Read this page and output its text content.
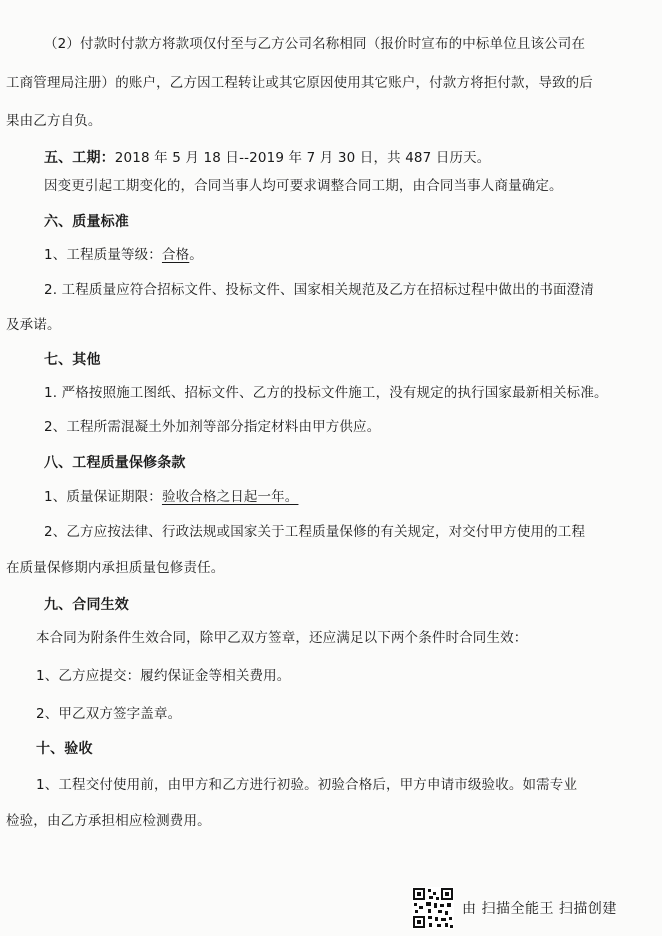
（2）付款时付款方将款项仅付至与乙方公司名称相同（报价时宣布的中标单位且该公司在
工商管理局注册）的账户，乙方因工程转让或其它原因使用其它账户，付款方将拒付款，导致的后
果由乙方自负。
五、工期：2018 年 5 月 18 日--2019 年 7 月 30 日，共 487 日历天。
因变更引起工期变化的，合同当事人均可要求调整合同工期，由合同当事人商量确定。
六、质量标准
1、工程质量等级：合格。
2. 工程质量应符合招标文件、投标文件、国家相关规范及乙方在招标过程中做出的书面澄清
及承诺。
七、其他
1. 严格按照施工图纸、招标文件、乙方的投标文件施工，没有规定的执行国家最新相关标准。
2、工程所需混凝土外加剂等部分指定材料由甲方供应。
八、工程质量保修条款
1、质量保证期限：验收合格之日起一年。
2、乙方应按法律、行政法规或国家关于工程质量保修的有关规定，对交付甲方使用的工程
在质量保修期内承担质量包修责任。
九、合同生效
本合同为附条件生效合同，除甲乙双方签章，还应满足以下两个条件时合同生效：
1、乙方应提交：履约保证金等相关费用。
2、甲乙双方签字盖章。
十、验收
1、工程交付使用前，由甲方和乙方进行初验。初验合格后，甲方申请市级验收。如需专业
检验，由乙方承担相应检测费用。
由 扫描全能王 扫描创建
